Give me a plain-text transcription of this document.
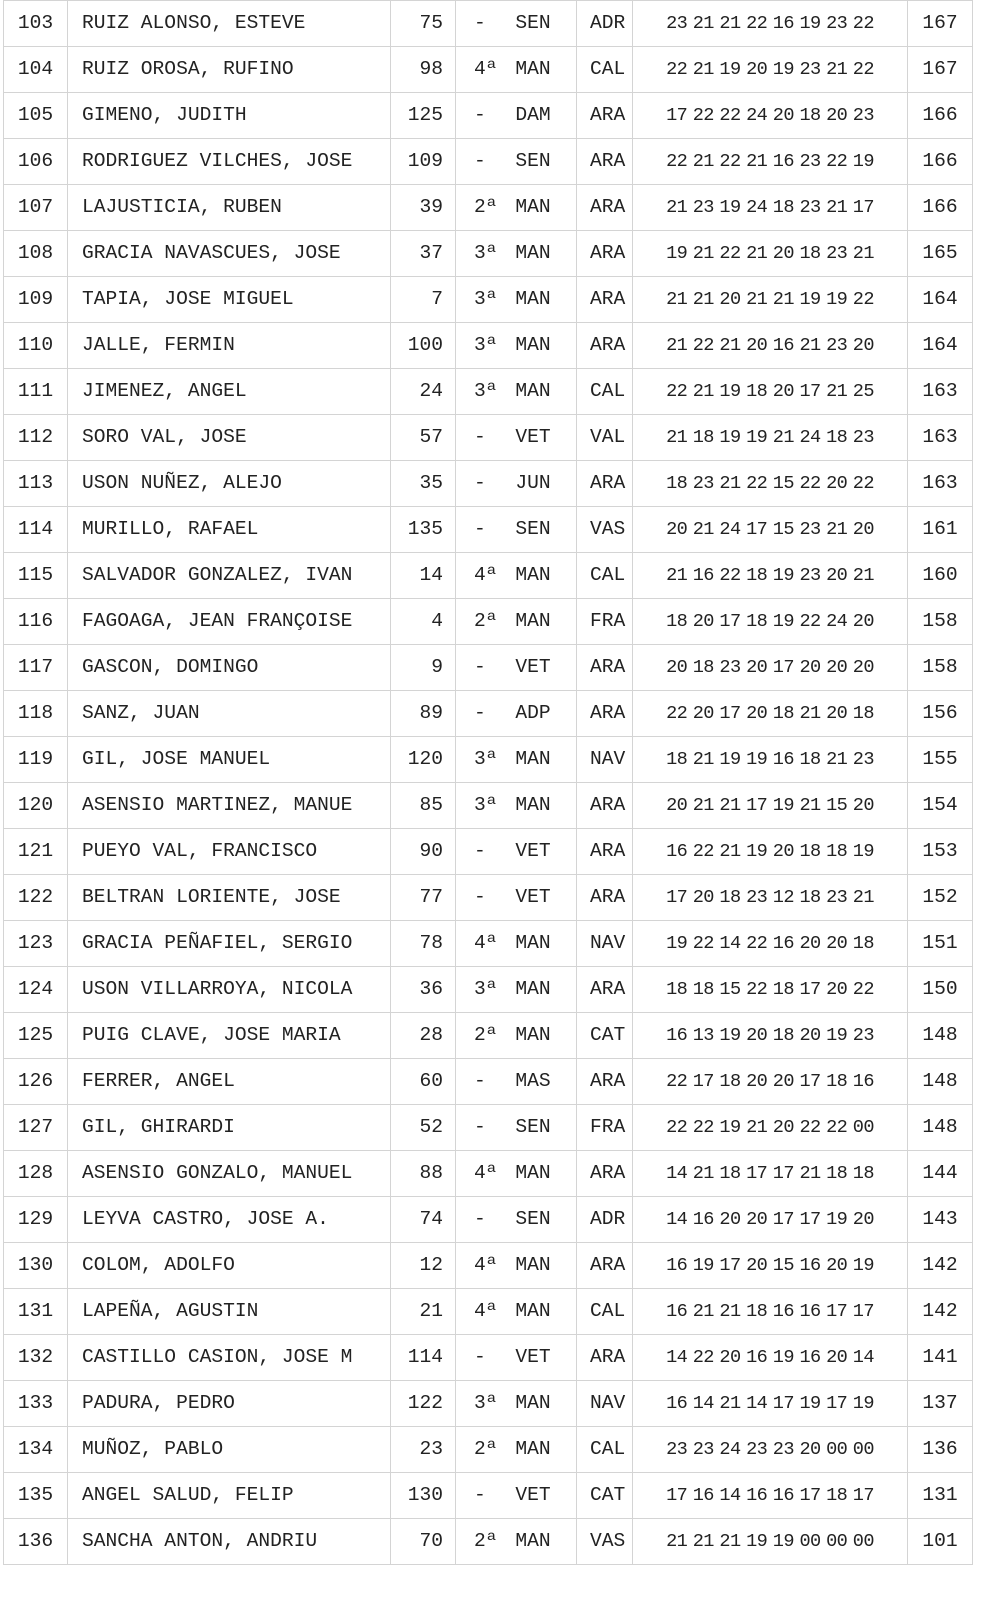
103	RUIZ ALONSO, ESTEVE	75	- SEN	ADR	23 21 21 22 16 19 23 22	167
104	RUIZ OROSA, RUFINO	98	4ª MAN	CAL	22 21 19 20 19 23 21 22	167
105	GIMENO, JUDITH	125	- DAM	ARA	17 22 22 24 20 18 20 23	166
106	RODRIGUEZ VILCHES, JOSE	109	- SEN	ARA	22 21 22 21 16 23 22 19	166
107	LAJUSTICIA, RUBEN	39	2ª MAN	ARA	21 23 19 24 18 23 21 17	166
108	GRACIA NAVASCUES, JOSE	37	3ª MAN	ARA	19 21 22 21 20 18 23 21	165
109	TAPIA, JOSE MIGUEL	7	3ª MAN	ARA	21 21 20 21 21 19 19 22	164
110	JALLE, FERMIN	100	3ª MAN	ARA	21 22 21 20 16 21 23 20	164
111	JIMENEZ, ANGEL	24	3ª MAN	CAL	22 21 19 18 20 17 21 25	163
112	SORO VAL, JOSE	57	- VET	VAL	21 18 19 19 21 24 18 23	163
113	USON NUÑEZ, ALEJO	35	- JUN	ARA	18 23 21 22 15 22 20 22	163
114	MURILLO, RAFAEL	135	- SEN	VAS	20 21 24 17 15 23 21 20	161
115	SALVADOR GONZALEZ, IVAN	14	4ª MAN	CAL	21 16 22 18 19 23 20 21	160
116	FAGOAGA, JEAN FRANÇOISE	4	2ª MAN	FRA	18 20 17 18 19 22 24 20	158
117	GASCON, DOMINGO	9	- VET	ARA	20 18 23 20 17 20 20 20	158
118	SANZ, JUAN	89	- ADP	ARA	22 20 17 20 18 21 20 18	156
119	GIL, JOSE MANUEL	120	3ª MAN	NAV	18 21 19 19 16 18 21 23	155
120	ASENSIO MARTINEZ, MANUE	85	3ª MAN	ARA	20 21 21 17 19 21 15 20	154
121	PUEYO VAL, FRANCISCO	90	- VET	ARA	16 22 21 19 20 18 18 19	153
122	BELTRAN LORIENTE, JOSE	77	- VET	ARA	17 20 18 23 12 18 23 21	152
123	GRACIA PEÑAFIEL, SERGIO	78	4ª MAN	NAV	19 22 14 22 16 20 20 18	151
124	USON VILLARROYA, NICOLA	36	3ª MAN	ARA	18 18 15 22 18 17 20 22	150
125	PUIG CLAVE, JOSE MARIA	28	2ª MAN	CAT	16 13 19 20 18 20 19 23	148
126	FERRER, ANGEL	60	- MAS	ARA	22 17 18 20 20 17 18 16	148
127	GIL, GHIRARDI	52	- SEN	FRA	22 22 19 21 20 22 22 00	148
128	ASENSIO GONZALO, MANUEL	88	4ª MAN	ARA	14 21 18 17 17 21 18 18	144
129	LEYVA CASTRO, JOSE A.	74	- SEN	ADR	14 16 20 20 17 17 19 20	143
130	COLOM, ADOLFO	12	4ª MAN	ARA	16 19 17 20 15 16 20 19	142
131	LAPEÑA, AGUSTIN	21	4ª MAN	CAL	16 21 21 18 16 16 17 17	142
132	CASTILLO CASION, JOSE M	114	- VET	ARA	14 22 20 16 19 16 20 14	141
133	PADURA, PEDRO	122	3ª MAN	NAV	16 14 21 14 17 19 17 19	137
134	MUÑOZ, PABLO	23	2ª MAN	CAL	23 23 24 23 23 20 00 00	136
135	ANGEL SALUD, FELIP	130	- VET	CAT	17 16 14 16 16 17 18 17	131
136	SANCHA ANTON, ANDRIU	70	2ª MAN	VAS	21 21 21 19 19 00 00 00	101
